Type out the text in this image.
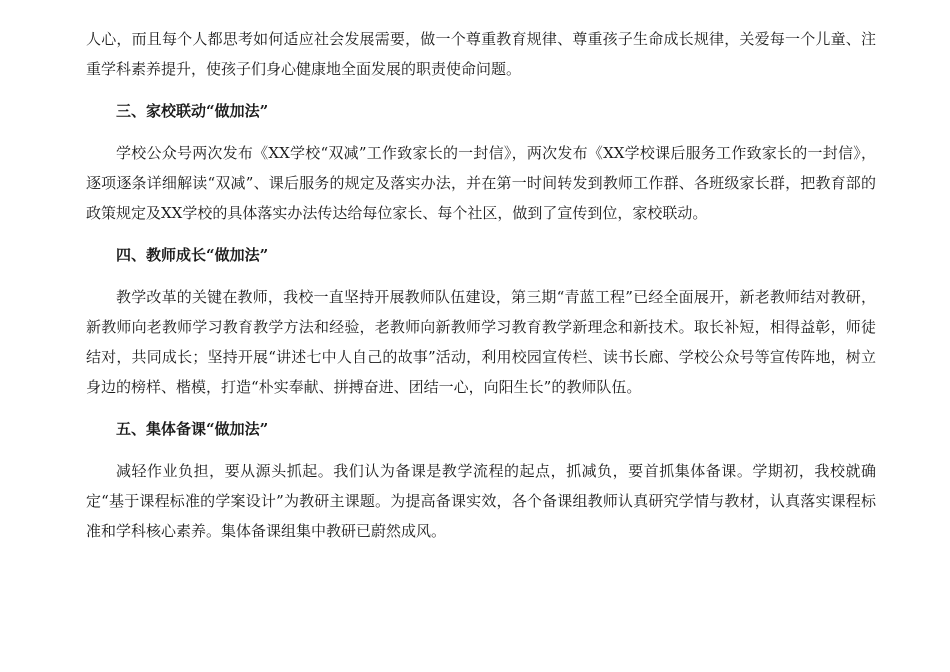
人心，而且每个人都思考如何适应社会发展需要，做一个尊重教育规律、尊重孩子生命成长规律，关爱每一个儿童、注重学科素养提升，使孩子们身心健康地全面发展的职责使命问题。

三、家校联动“做加法”

学校公众号两次发布《XX学校“双减”工作致家长的一封信》，两次发布《XX学校课后服务工作致家长的一封信》，逐项逐条详细解读“双减”、课后服务的规定及落实办法，并在第一时间转发到教师工作群、各班级家长群，把教育部的政策规定及XX学校的具体落实办法传达给每位家长、每个社区，做到了宣传到位，家校联动。

四、教师成长“做加法”

教学改革的关键在教师，我校一直坚持开展教师队伍建设，第三期“青蓝工程”已经全面展开，新老教师结对教研，新教师向老教师学习教育教学方法和经验，老教师向新教师学习教育教学新理念和新技术。取长补短，相得益彰，师徒结对，共同成长；坚持开展“讲述七中人自己的故事”活动，利用校园宣传栏、读书长廊、学校公众号等宣传阵地，树立身边的榜样、楷模，打造“朴实奉献、拼搏奋进、团结一心，向阳生长”的教师队伍。

五、集体备课“做加法”

减轻作业负担，要从源头抓起。我们认为备课是教学流程的起点，抓减负，要首抓集体备课。学期初，我校就确定“基于课程标准的学案设计”为教研主课题。为提高备课实效，各个备课组教师认真研究学情与教材，认真落实课程标准和学科核心素养。集体备课组集中教研已蔚然成风。
